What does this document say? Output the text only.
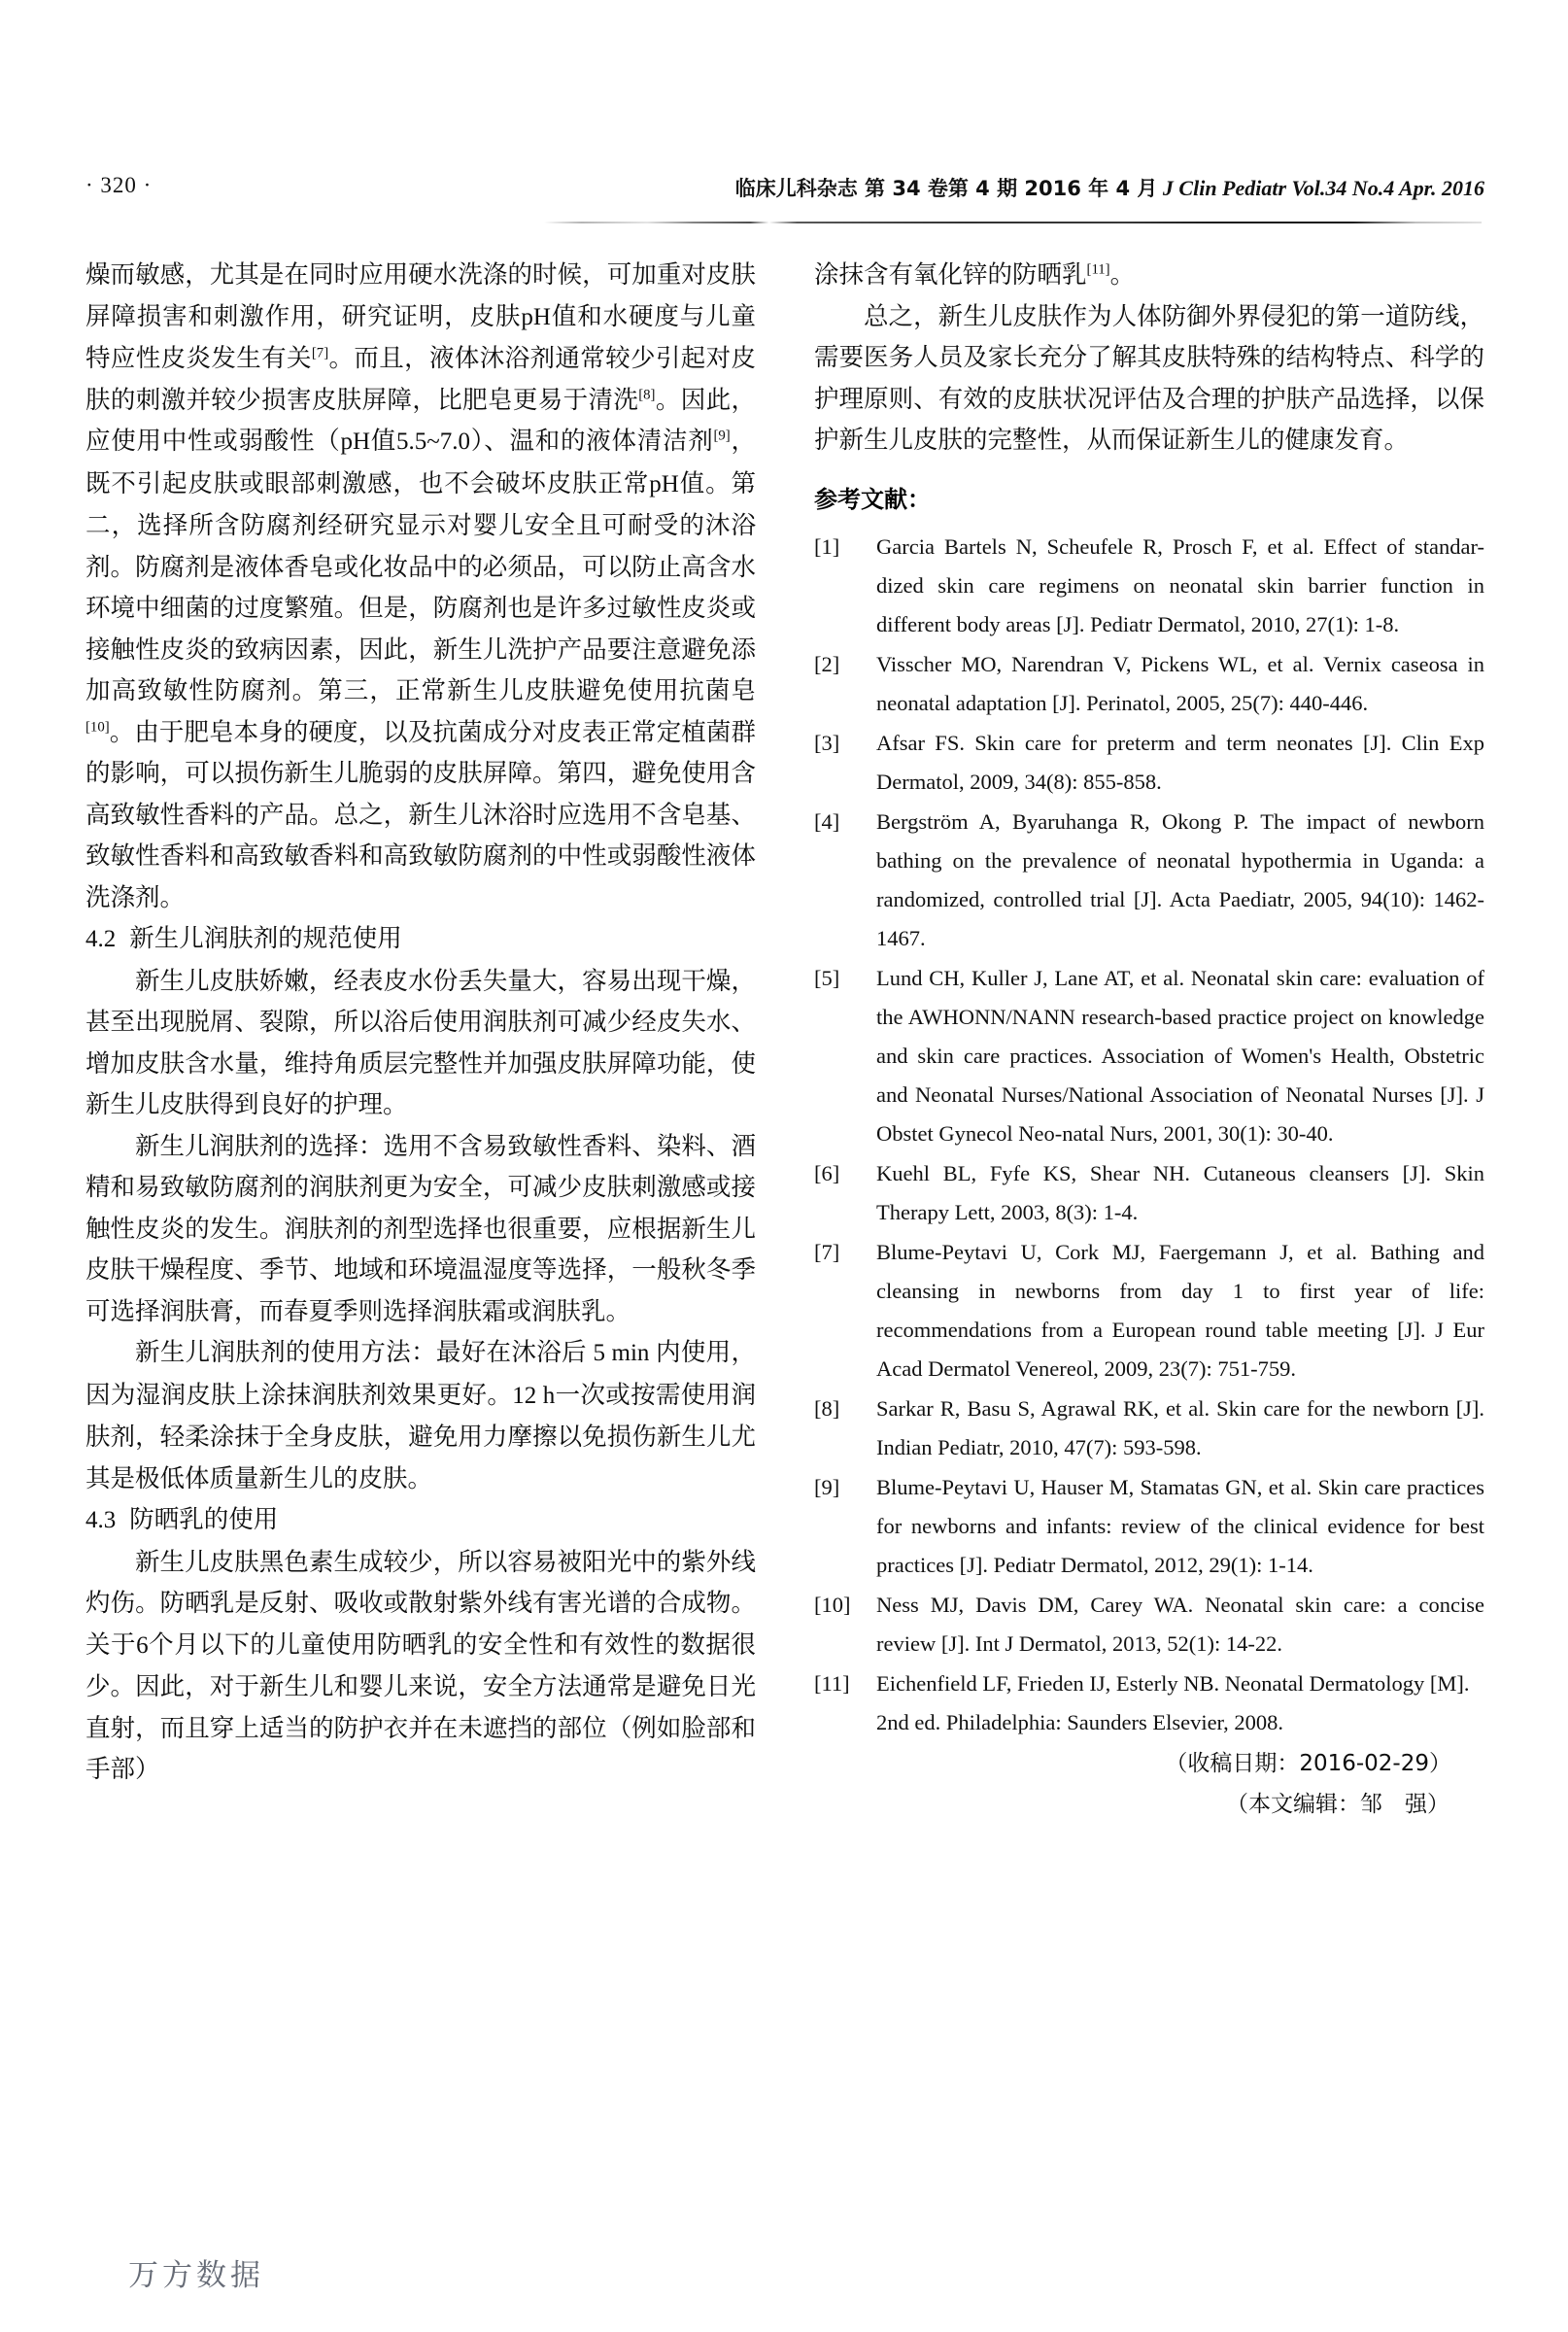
· 320 ·	临床儿科杂志 第 34 卷第 4 期 2016 年 4 月 J Clin Pediatr Vol.34 No.4 Apr. 2016

燥而敏感，尤其是在同时应用硬水洗涤的时候，可加重对皮肤屏障损害和刺激作用，研究证明，皮肤pH值和水硬度与儿童特应性皮炎发生有关[7]。而且，液体沐浴剂通常较少引起对皮肤的刺激并较少损害皮肤屏障，比肥皂更易于清洗[8]。因此，应使用中性或弱酸性（pH值5.5~7.0）、温和的液体清洁剂[9]，既不引起皮肤或眼部刺激感，也不会破坏皮肤正常pH值。第二，选择所含防腐剂经研究显示对婴儿安全且可耐受的沐浴剂。防腐剂是液体香皂或化妆品中的必须品，可以防止高含水环境中细菌的过度繁殖。但是，防腐剂也是许多过敏性皮炎或接触性皮炎的致病因素，因此，新生儿洗护产品要注意避免添加高致敏性防腐剂。第三，正常新生儿皮肤避免使用抗菌皂[10]。由于肥皂本身的硬度，以及抗菌成分对皮表正常定植菌群的影响，可以损伤新生儿脆弱的皮肤屏障。第四，避免使用含高致敏性香料的产品。总之，新生儿沐浴时应选用不含皂基、致敏性香料和高致敏香料和高致敏防腐剂的中性或弱酸性液体洗涤剂。

4.2 新生儿润肤剂的规范使用

新生儿皮肤娇嫩，经表皮水份丢失量大，容易出现干燥，甚至出现脱屑、裂隙，所以浴后使用润肤剂可减少经皮失水、增加皮肤含水量，维持角质层完整性并加强皮肤屏障功能，使新生儿皮肤得到良好的护理。

新生儿润肤剂的选择：选用不含易致敏性香料、染料、酒精和易致敏防腐剂的润肤剂更为安全，可减少皮肤刺激感或接触性皮炎的发生。润肤剂的剂型选择也很重要，应根据新生儿皮肤干燥程度、季节、地域和环境温湿度等选择，一般秋冬季可选择润肤膏，而春夏季则选择润肤霜或润肤乳。

新生儿润肤剂的使用方法：最好在沐浴后 5 min 内使用，因为湿润皮肤上涂抹润肤剂效果更好。12 h一次或按需使用润肤剂，轻柔涂抹于全身皮肤，避免用力摩擦以免损伤新生儿尤其是极低体质量新生儿的皮肤。

4.3 防晒乳的使用

新生儿皮肤黑色素生成较少，所以容易被阳光中的紫外线灼伤。防晒乳是反射、吸收或散射紫外线有害光谱的合成物。关于6个月以下的儿童使用防晒乳的安全性和有效性的数据很少。因此，对于新生儿和婴儿来说，安全方法通常是避免日光直射，而且穿上适当的防护衣并在未遮挡的部位（例如脸部和手部）

涂抹含有氧化锌的防晒乳[11]。

总之，新生儿皮肤作为人体防御外界侵犯的第一道防线，需要医务人员及家长充分了解其皮肤特殊的结构特点、科学的护理原则、有效的皮肤状况评估及合理的护肤产品选择，以保护新生儿皮肤的完整性，从而保证新生儿的健康发育。

参考文献：

[1]	Garcia Bartels N, Scheufele R, Prosch F, et al. Effect of standar-dized skin care regimens on neonatal skin barrier function in different body areas [J]. Pediatr Dermatol, 2010, 27(1): 1-8.
[2]	Visscher MO, Narendran V, Pickens WL, et al. Vernix caseosa in neonatal adaptation [J]. Perinatol, 2005, 25(7): 440-446.
[3]	Afsar FS. Skin care for preterm and term neonates [J]. Clin Exp Dermatol, 2009, 34(8): 855-858.
[4]	Bergström A, Byaruhanga R, Okong P. The impact of newborn bathing on the prevalence of neonatal hypothermia in Uganda: a randomized, controlled trial [J]. Acta Paediatr, 2005, 94(10): 1462-1467.
[5]	Lund CH, Kuller J, Lane AT, et al. Neonatal skin care: evaluation of the AWHONN/NANN research-based practice project on knowledge and skin care practices. Association of Women's Health, Obstetric and Neonatal Nurses/National Association of Neonatal Nurses [J]. J Obstet Gynecol Neo-natal Nurs, 2001, 30(1): 30-40.
[6]	Kuehl BL, Fyfe KS, Shear NH. Cutaneous cleansers [J]. Skin Therapy Lett, 2003, 8(3): 1-4.
[7]	Blume-Peytavi U, Cork MJ, Faergemann J, et al. Bathing and cleansing in newborns from day 1 to first year of life: recommendations from a European round table meeting [J]. J Eur Acad Dermatol Venereol, 2009, 23(7): 751-759.
[8]	Sarkar R, Basu S, Agrawal RK, et al. Skin care for the newborn [J]. Indian Pediatr, 2010, 47(7): 593-598.
[9]	Blume-Peytavi U, Hauser M, Stamatas GN, et al. Skin care practices for newborns and infants: review of the clinical evidence for best practices [J]. Pediatr Dermatol, 2012, 29(1): 1-14.
[10]	Ness MJ, Davis DM, Carey WA. Neonatal skin care: a concise review [J]. Int J Dermatol, 2013, 52(1): 14-22.
[11]	Eichenfield LF, Frieden IJ, Esterly NB. Neonatal Dermatology [M]. 2nd ed. Philadelphia: Saunders Elsevier, 2008.

（收稿日期：2016-02-29）

（本文编辑：邹　强）

万方数据
